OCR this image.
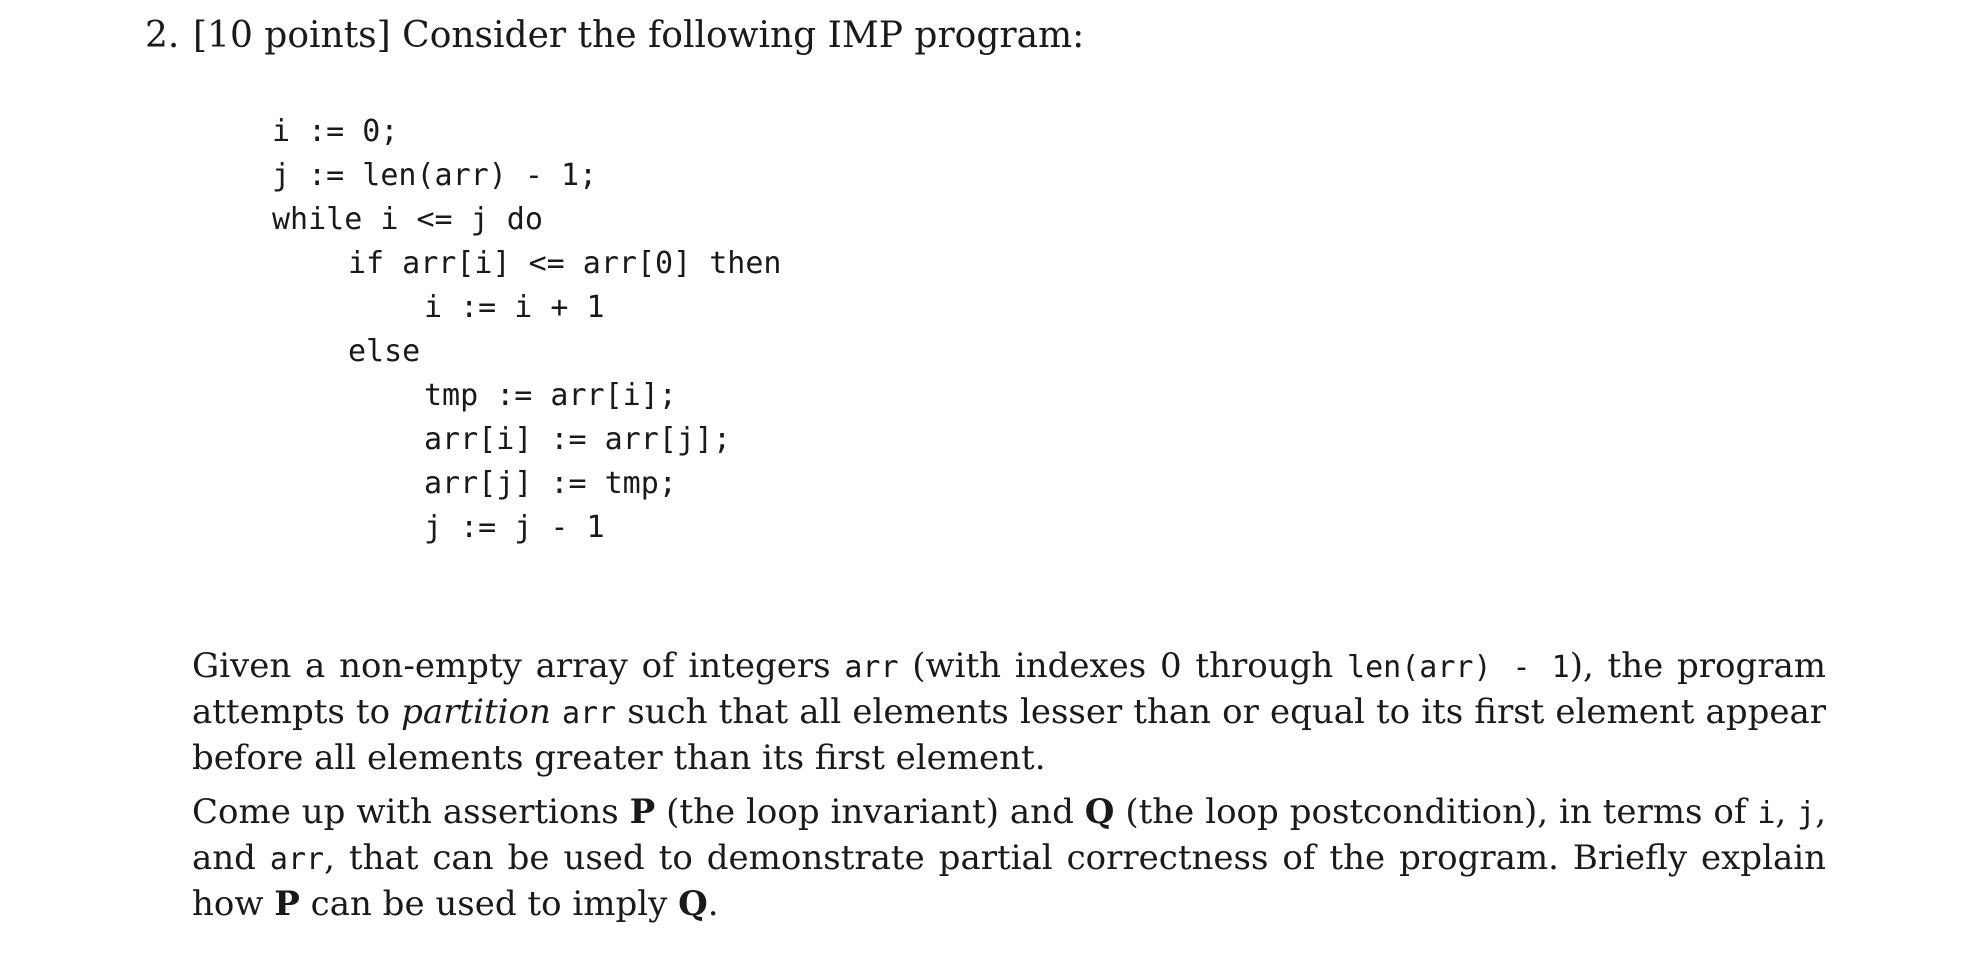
2. [10 points] Consider the following IMP program:
i := 0;
j := len(arr) - 1;
while i <= j do
if arr[i] <= arr[0] then
i := i + 1
else
tmp := arr[i];
arr[i] := arr[j];
arr[j] := tmp;
j := j - 1

Given a non-empty array of integers arr (with indexes 0 through len(arr) - 1), the program attempts to partition arr such that all elements lesser than or equal to its first element appear before all elements greater than its first element.

Come up with assertions P (the loop invariant) and Q (the loop postcondition), in terms of i, j, and arr, that can be used to demonstrate partial correctness of the program. Briefly explain how P can be used to imply Q.
